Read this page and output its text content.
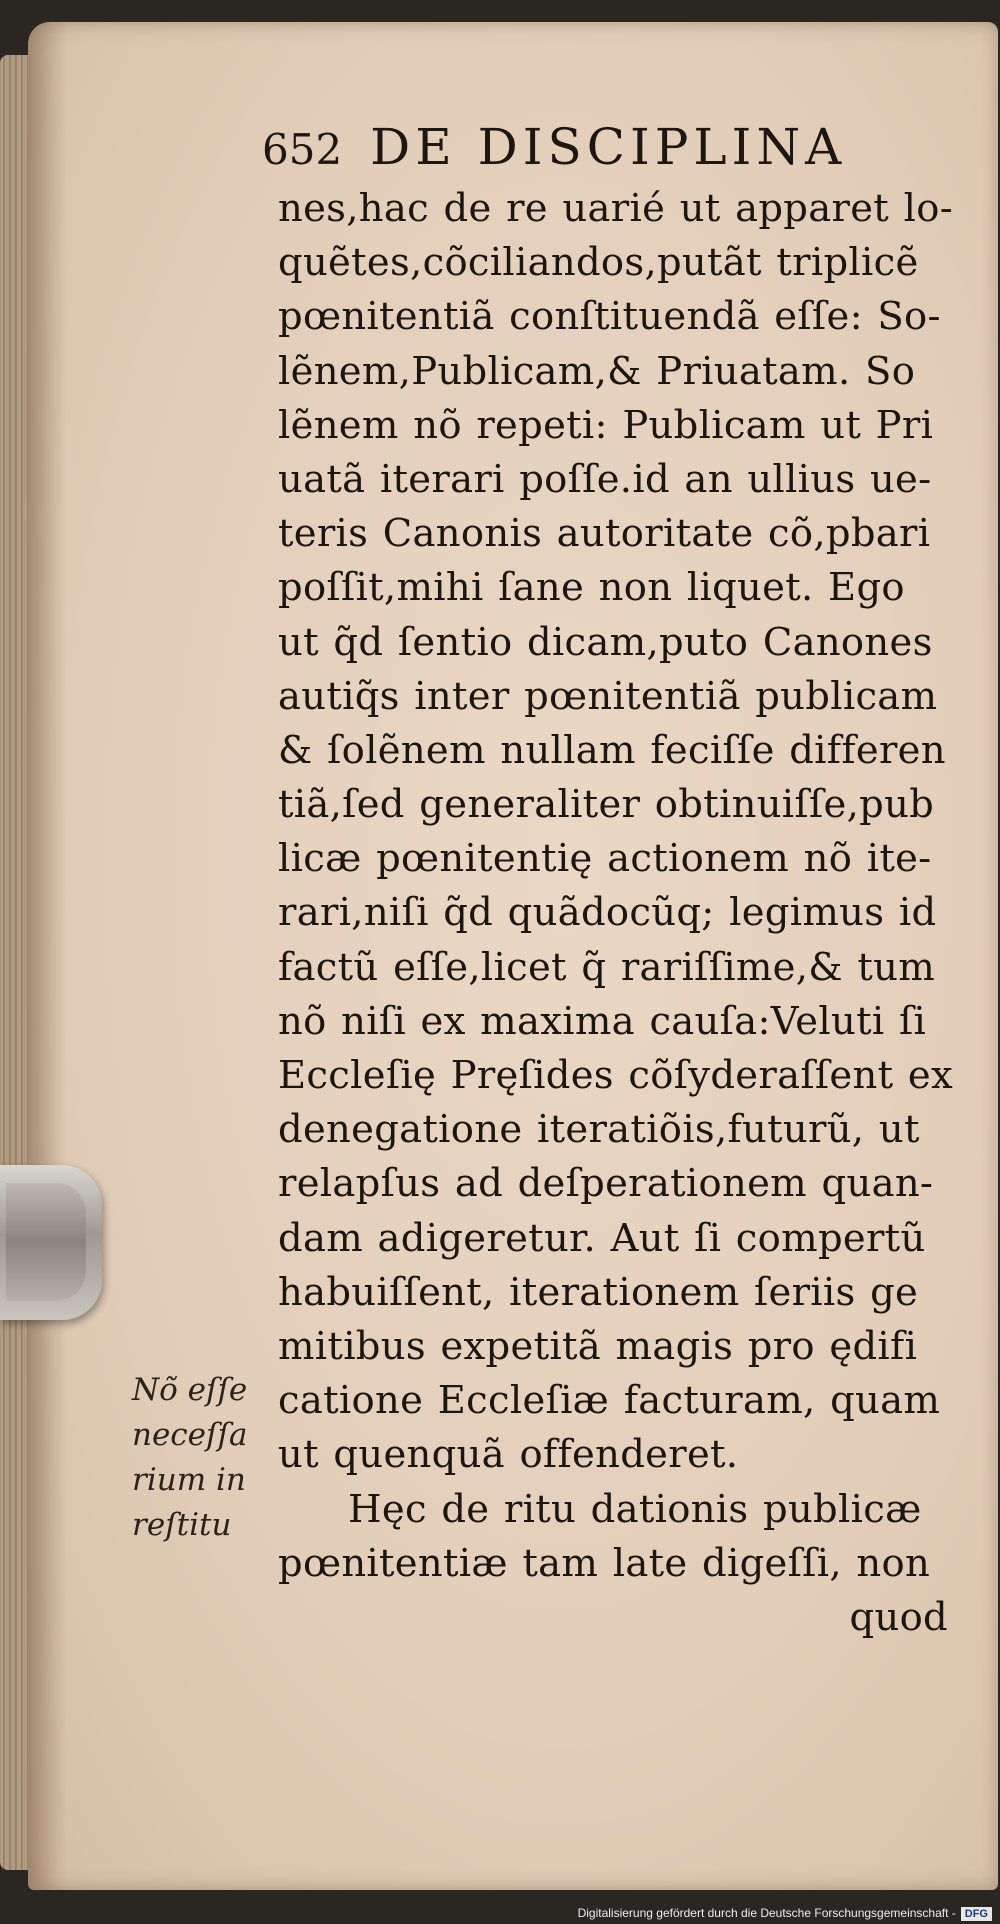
652 DE DISCIPLINA
nes,hac de re uarié ut apparet lo-
quẽtes,cõciliandos,putãt triplicẽ
pœnitentiã conſtituendã eſſe: So-
lẽnem,Publicam,& Priuatam. So
lẽnem nõ repeti: Publicam ut Pri
uatã iterari poſſe.id an ullius ue-
teris Canonis autoritate cõ,pbari
poſſit,mihi ſane non liquet. Ego
ut q̃d ſentio dicam,puto Canones
autiq̃s inter pœnitentiã publicam
& ſolẽnem nullam feciſſe differen
tiã,ſed generaliter obtinuiſſe,pub
licæ pœnitentię actionem nõ ite-
rari,niſi q̃d quãdocũq; legimus id
factũ eſſe,licet q̃ rariſſime,& tum
nõ niſi ex maxima cauſa:Veluti ſi
Eccleſię Pręſides cõſyderaſſent ex
denegatione iteratiõis,futurũ, ut
relapſus ad deſperationem quan-
dam adigeretur. Aut ſi compertũ
habuiſſent, iterationem ſeriis ge
mitibus expetitã magis pro ędifi
catione Eccleſiæ facturam, quam
ut quenquã offenderet.
Hęc de ritu dationis publicæ
pœnitentiæ tam late digeſſi, non
quod
Nõ eſſe
neceſſa
rium in
reſtitu
Digitalisierung gefördert durch die Deutsche Forschungsgemeinschaft - DFG
